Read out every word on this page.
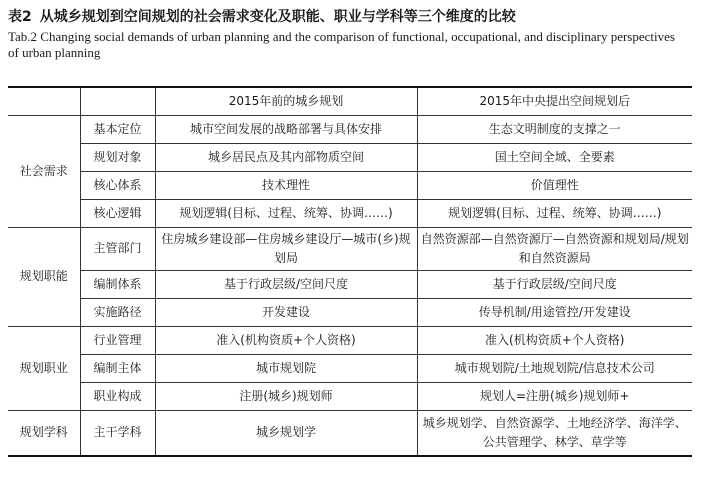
表2 从城乡规划到空间规划的社会需求变化及职能、职业与学科等三个维度的比较
Tab.2 Changing social demands of urban planning and the comparison of functional, occupational, and disciplinary perspectives of urban planning
		2015年前的城乡规划	2015年中央提出空间规划后
社会需求	基本定位	城市空间发展的战略部署与具体安排	生态文明制度的支撑之一
	规划对象	城乡居民点及其内部物质空间	国土空间全域、全要素
	核心体系	技术理性	价值理性
	核心逻辑	规划逻辑(目标、过程、统筹、协调……)	规划逻辑(目标、过程、统筹、协调……)
规划职能	主管部门	住房城乡建设部—住房城乡建设厅—城市(乡)规划局	自然资源部—自然资源厅—自然资源和规划局/规划和自然资源局
	编制体系	基于行政层级/空间尺度	基于行政层级/空间尺度
	实施路径	开发建设	传导机制/用途管控/开发建设
规划职业	行业管理	准入(机构资质+个人资格)	准入(机构资质+个人资格)
	编制主体	城市规划院	城市规划院/土地规划院/信息技术公司
	职业构成	注册(城乡)规划师	规划人=注册(城乡)规划师+
规划学科	主干学科	城乡规划学	城乡规划学、自然资源学、土地经济学、海洋学、公共管理学、林学、草学等
